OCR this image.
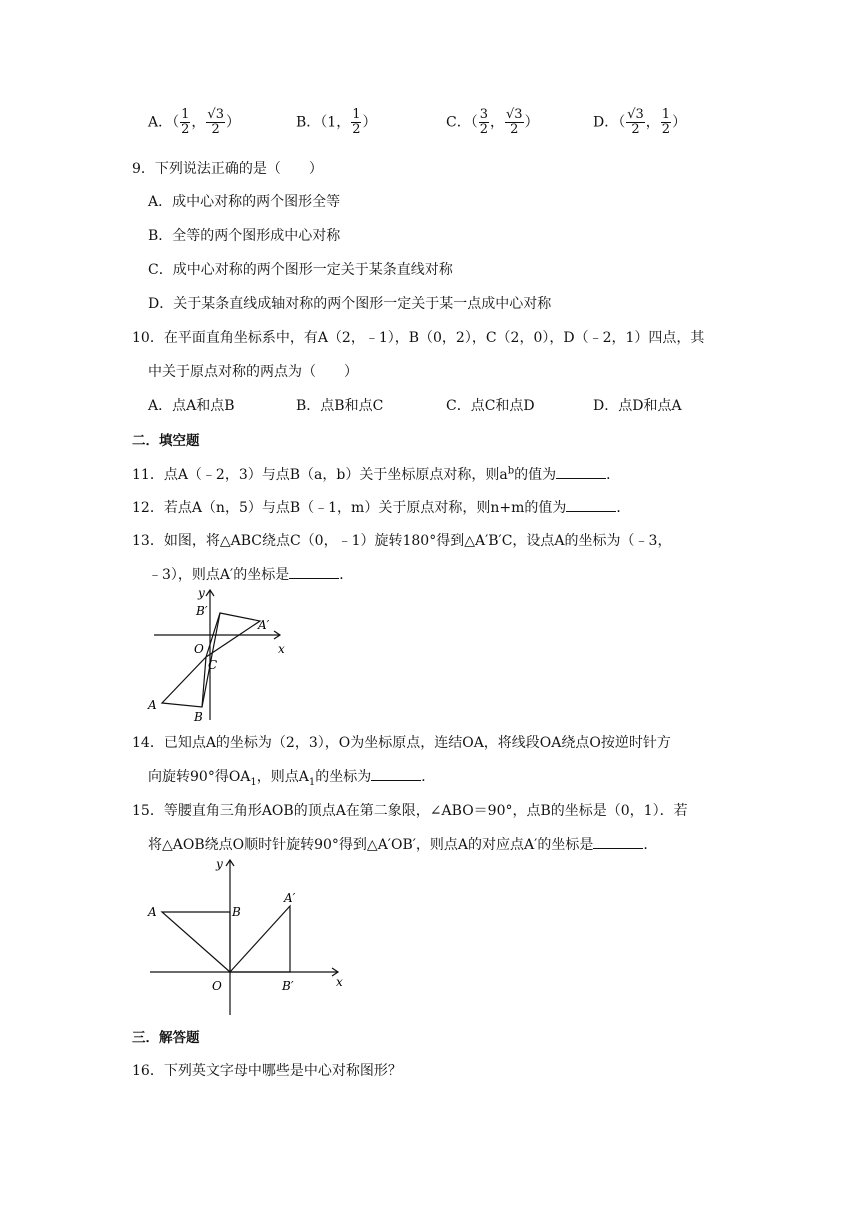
A．（ $\frac{1}{2}$ ， $\frac{√3}{2}$ ）	B．（1， $\frac{1}{2}$ ）	C．（ $\frac{3}{2}$ ， $\frac{√3}{2}$ ）	D．（ $\frac{√3}{2}$ ， $\frac{1}{2}$ ）
9．下列说法正确的是（　　）
A．成中心对称的两个图形全等
B．全等的两个图形成中心对称
C．成中心对称的两个图形一定关于某条直线对称
D．关于某条直线成轴对称的两个图形一定关于某一点成中心对称
10．在平面直角坐标系中，有A（2，﹣1），B（0，2），C（2，0），D（﹣2，1）四点，其
中关于原点对称的两点为（　　）
A．点A和点B	B．点B和点C	C．点C和点D	D．点D和点A
二．填空题
11．点A（﹣2，3）与点B（a，b）关于坐标原点对称，则$a^b$的值为	．
12．若点A（n，5）与点B（﹣1，m）关于原点对称，则n+m的值为	．
13．如图，将△ABC绕点C（0，﹣1）旋转180°得到△A′B′C，设点A的坐标为（﹣3，
﹣3），则点A′的坐标是	．
y
x
O
C
A
B
A′
B′
14．已知点A的坐标为（2，3），O为坐标原点，连结OA，将线段OA绕点O按逆时针方
向旋转90°得$OA_1$，则点$A_1$的坐标为	．
15．等腰直角三角形AOB的顶点A在第二象限，∠ABO＝90°，点B的坐标是（0，1）．若
将△AOB绕点O顺时针旋转90°得到△A′OB′，则点A的对应点A′的坐标是	．
y
x
O
A	B
A′
B′
三．解答题
16．下列英文字母中哪些是中心对称图形？
